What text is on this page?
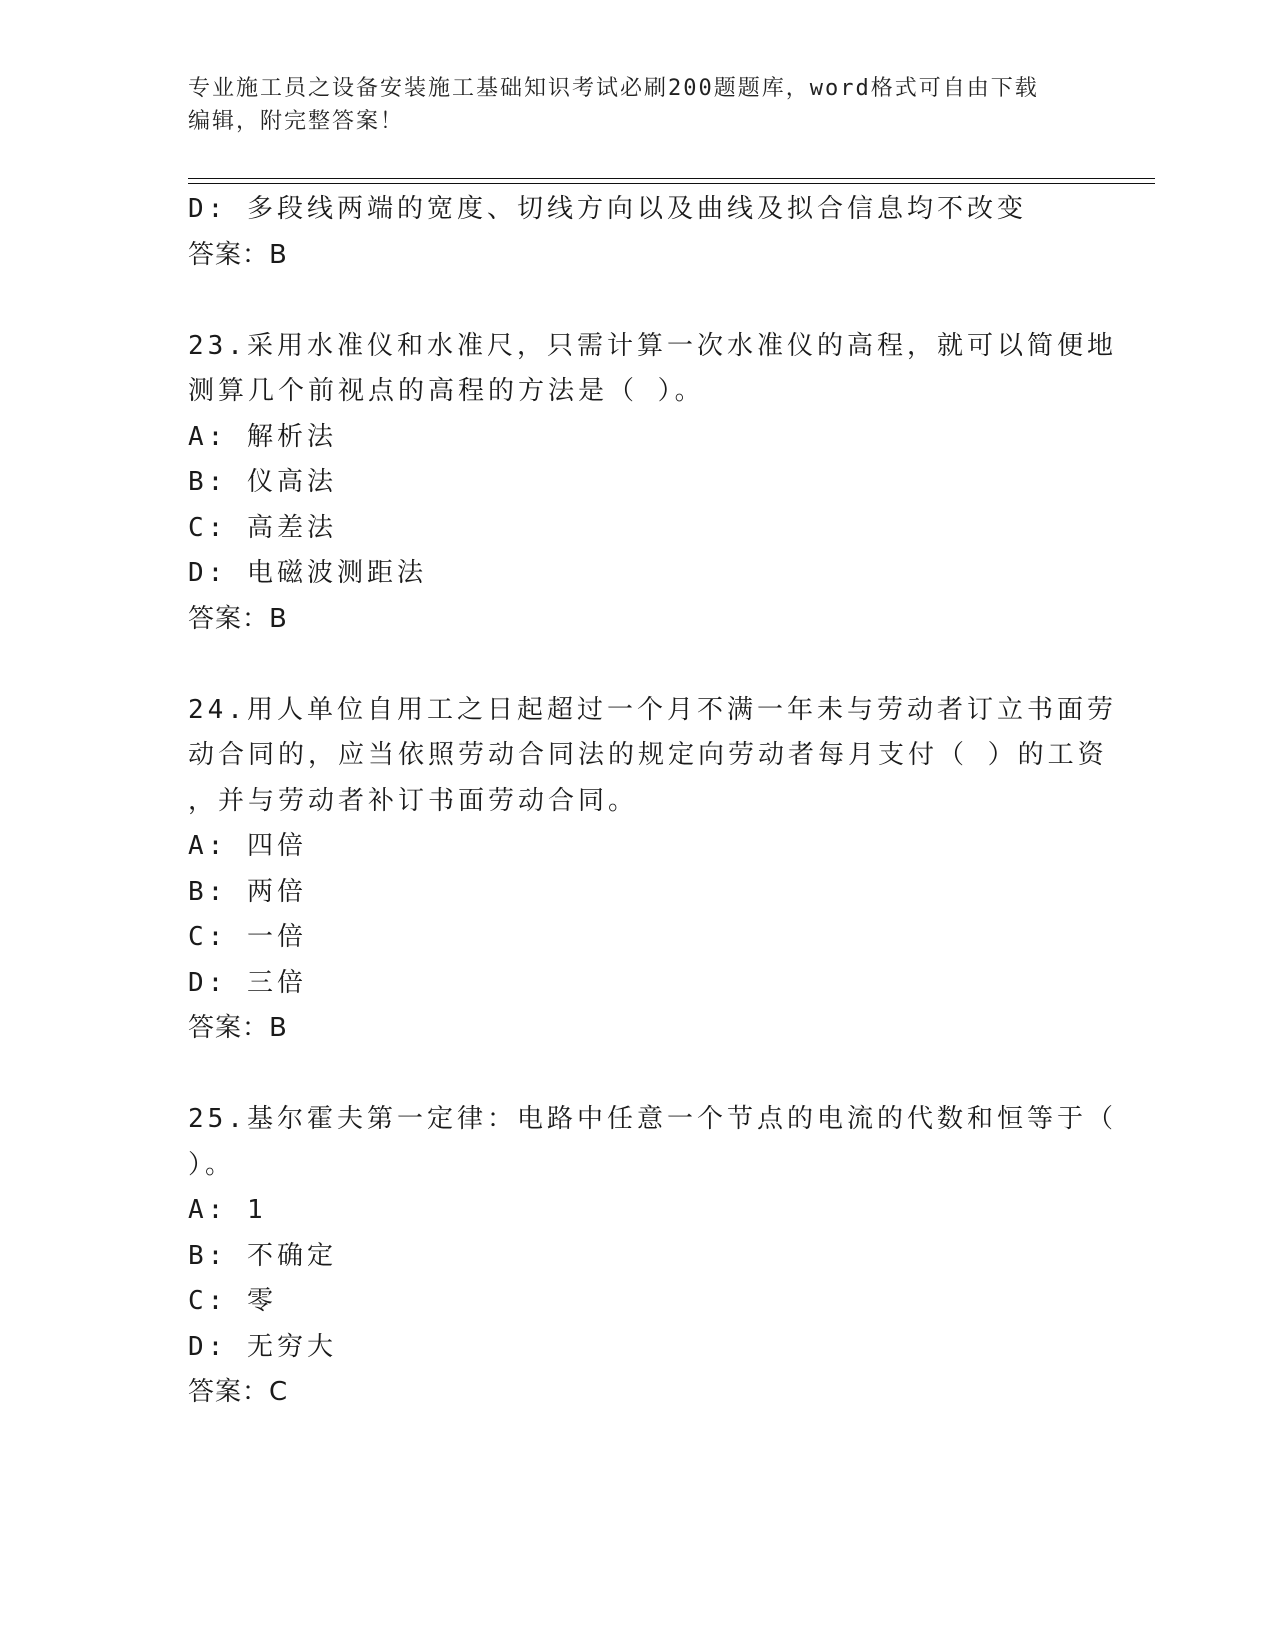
专业施工员之设备安装施工基础知识考试必刷200题题库，word格式可自由下载
编辑，附完整答案！
D: 多段线两端的宽度、切线方向以及曲线及拟合信息均不改变
答案：B
23.采用水准仪和水准尺，只需计算一次水准仪的高程，就可以简便地
测算几个前视点的高程的方法是（ ）。
A: 解析法
B: 仪高法
C: 高差法
D: 电磁波测距法
答案：B
24.用人单位自用工之日起超过一个月不满一年未与劳动者订立书面劳
动合同的，应当依照劳动合同法的规定向劳动者每月支付（ ）的工资
，并与劳动者补订书面劳动合同。
A: 四倍
B: 两倍
C: 一倍
D: 三倍
答案：B
25.基尔霍夫第一定律：电路中任意一个节点的电流的代数和恒等于（
）。
A: 1
B: 不确定
C: 零
D: 无穷大
答案：C
